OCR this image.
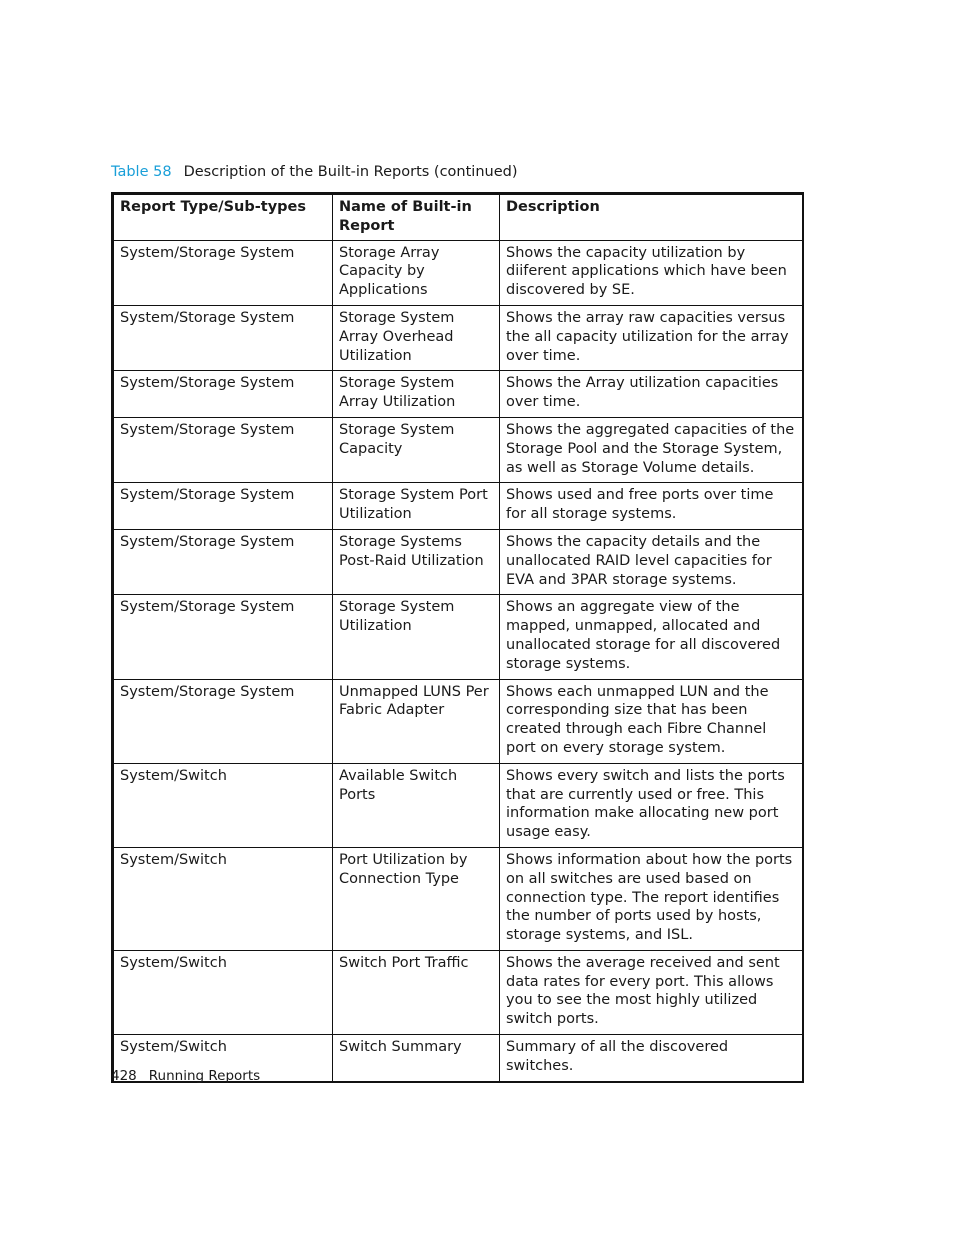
Table 58 Description of the Built-in Reports (continued)
Report Type/Sub-types	Name of Built-in Report	Description
System/Storage System	Storage Array Capacity by Applications	Shows the capacity utilization by diiferent applications which have been discovered by SE.
System/Storage System	Storage System Array Overhead Utilization	Shows the array raw capacities versus the all capacity utilization for the array over time.
System/Storage System	Storage System Array Utilization	Shows the Array utilization capacities over time.
System/Storage System	Storage System Capacity	Shows the aggregated capacities of the Storage Pool and the Storage System, as well as Storage Volume details.
System/Storage System	Storage System Port Utilization	Shows used and free ports over time for all storage systems.
System/Storage System	Storage Systems Post-Raid Utilization	Shows the capacity details and the unallocated RAID level capacities for EVA and 3PAR storage systems.
System/Storage System	Storage System Utilization	Shows an aggregate view of the mapped, unmapped, allocated and unallocated storage for all discovered storage systems.
System/Storage System	Unmapped LUNS Per Fabric Adapter	Shows each unmapped LUN and the corresponding size that has been created through each Fibre Channel port on every storage system.
System/Switch	Available Switch Ports	Shows every switch and lists the ports that are currently used or free. This information make allocating new port usage easy.
System/Switch	Port Utilization by Connection Type	Shows information about how the ports on all switches are used based on connection type. The report identifies the number of ports used by hosts, storage systems, and ISL.
System/Switch	Switch Port Traffic	Shows the average received and sent data rates for every port. This allows you to see the most highly utilized switch ports.
System/Switch	Switch Summary	Summary of all the discovered switches.
428 Running Reports
